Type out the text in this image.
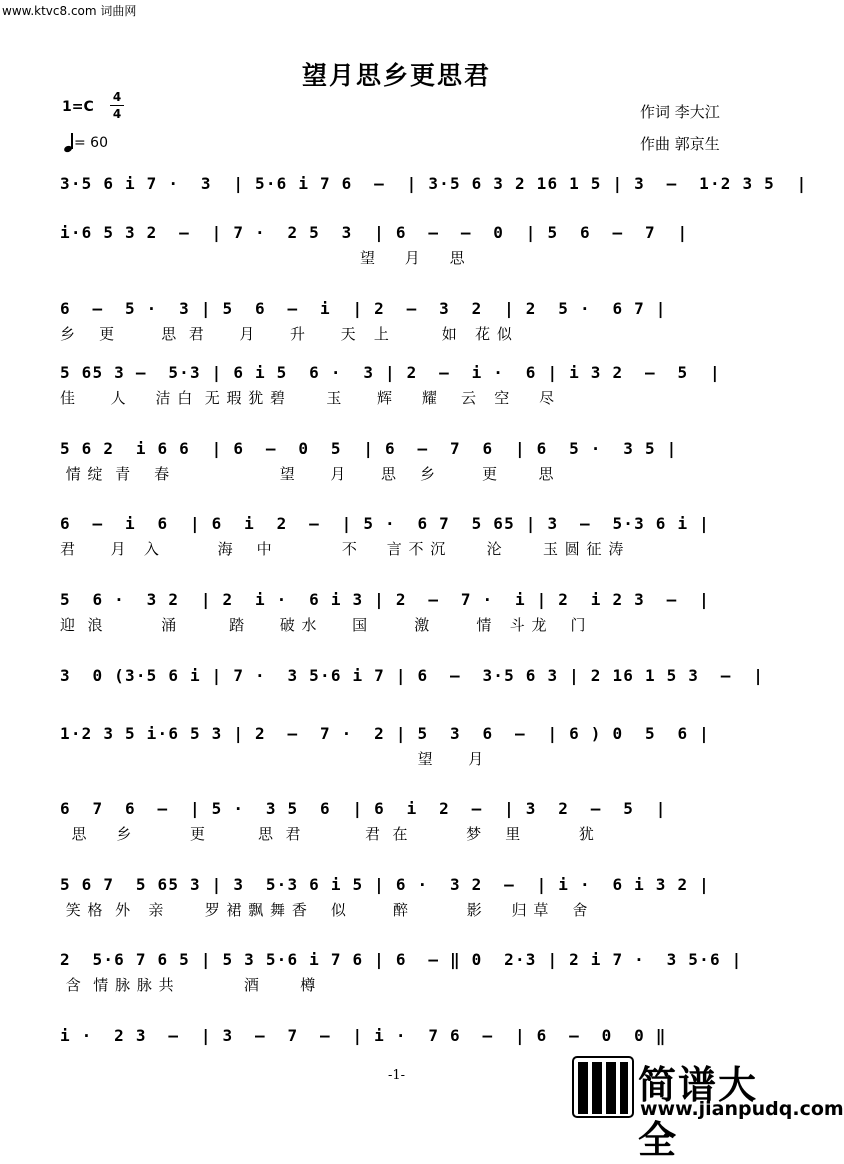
www.ktvc8.com 词曲网
望月思乡更思君
1=C
4
4
= 60
作词 李大江
作曲 郭京生
3·5 6 i 7 ·  3  | 5·6 i 7 6  –  | 3·5 6 3 2 16 1 5 | 3  –  1·2 3 5  |
i·6 5 3 2  –  | 7 ·  2 5  3  | 6  –  –  0  | 5  6  –  7  |
望     月     思
6  –  5 ·  3 | 5  6  –  i  | 2  –  3  2  | 2  5 ·  6 7 |
乡    更        思  君      月      升      天   上         如   花 似
5 65 3 –  5·3 | 6 i 5  6 ·  3 | 2  –  i ·  6 | i 3 2  –  5  |
佳      人     洁 白  无 瑕 犹 碧       玉      辉     耀    云   空     尽
5 6 2  i 6 6  | 6  –  0  5  | 6  –  7  6  | 6  5 ·  3 5 |
情 绽  青    春                   望      月      思    乡        更       思
6  –  i  6  | 6  i  2  –  | 5 ·  6 7  5 65 | 3  –  5·3 6 i |
君      月   入          海    中            不     言 不 沉       沦       玉 圆 征 涛
5  6 ·  3 2  | 2  i ·  6 i 3 | 2  –  7 ·  i | 2  i 2 3  –  |
迎  浪          涌         踏      破 水      国        激        情   斗 龙    门
3  0 (3·5 6 i | 7 ·  3 5·6 i 7 | 6  –  3·5 6 3 | 2 16 1 5 3  –  |
1·2 3 5 i·6 5 3 | 2  –  7 ·  2 | 5  3  6  –  | 6 ) 0  5  6 |
望      月
6  7  6  –  | 5 ·  3 5  6  | 6  i  2  –  | 3  2  –  5  |
思     乡          更         思  君           君  在          梦    里          犹
5 6 7  5 65 3 | 3  5·3 6 i 5 | 6 ·  3 2  –  | i ·  6 i 3 2 |
笑 格  外   亲       罗 裙 飘 舞 香    似        醉          影     归 草    舍
2  5·6 7 6 5 | 5 3 5·6 i 7 6 | 6  – ‖ 0  2·3 | 2 i 7 ·  3 5·6 |
含  情 脉 脉 共            酒       樽
i ·  2 3  –  | 3  –  7  –  | i ·  7 6  –  | 6  –  0  0 ‖
-1-	简谱大全
www.jianpudq.com
